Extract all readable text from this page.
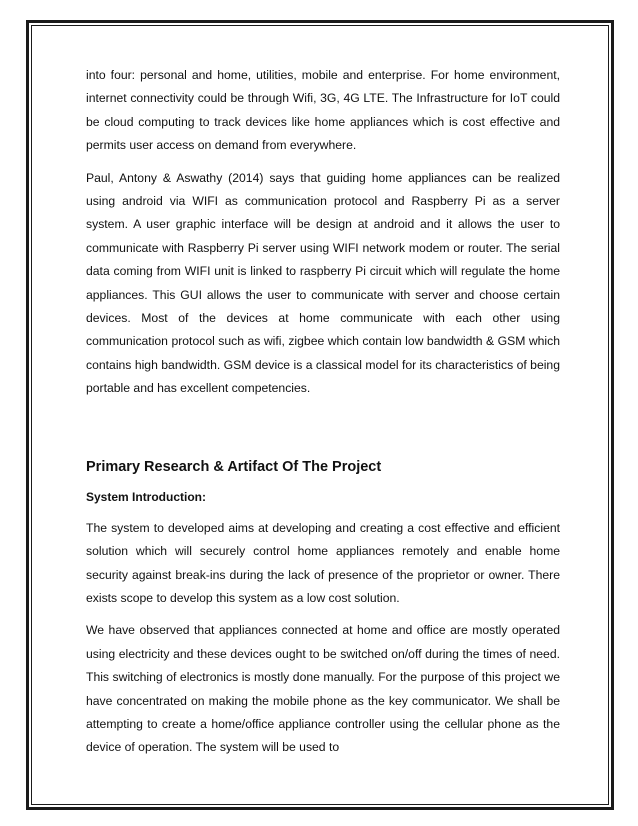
into four: personal and home, utilities, mobile and enterprise. For home environment, internet connectivity could be through Wifi, 3G, 4G LTE. The Infrastructure for IoT could be cloud computing to track devices like home appliances which is cost effective and permits user access on demand from everywhere.

Paul, Antony & Aswathy (2014) says that guiding home appliances can be realized using android via WIFI as communication protocol and Raspberry Pi as a server system. A user graphic interface will be design at android and it allows the user to communicate with Raspberry Pi server using WIFI network modem or router. The serial data coming from WIFI unit is linked to raspberry Pi circuit which will regulate the home appliances. This GUI allows the user to communicate with server and choose certain devices. Most of the devices at home communicate with each other using communication protocol such as wifi, zigbee which contain low bandwidth & GSM which contains high bandwidth. GSM device is a classical model for its characteristics of being portable and has excellent competencies.

Primary Research & Artifact Of The Project
System Introduction:

The system to developed aims at developing and creating a cost effective and efficient solution which will securely control home appliances remotely and enable home security against break-ins during the lack of presence of the proprietor or owner. There exists scope to develop this system as a low cost solution.

We have observed that appliances connected at home and office are mostly operated using electricity and these devices ought to be switched on/off during the times of need. This switching of electronics is mostly done manually. For the purpose of this project we have concentrated on making the mobile phone as the key communicator. We shall be attempting to create a home/office appliance controller using the cellular phone as the device of operation. The system will be used to
